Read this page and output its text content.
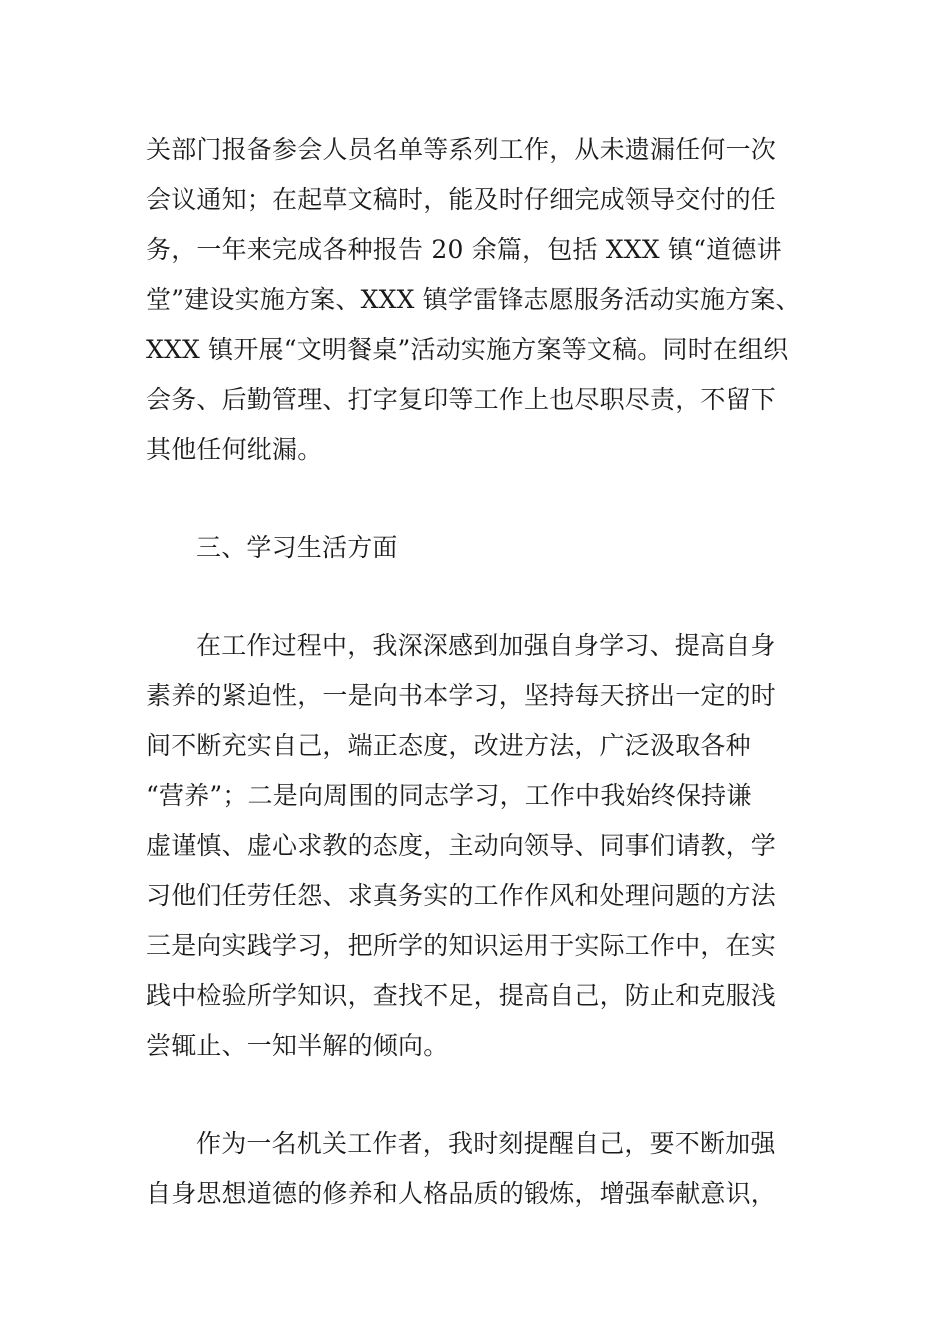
关部门报备参会人员名单等系列工作，从未遗漏任何一次
会议通知；在起草文稿时，能及时仔细完成领导交付的任
务，一年来完成各种报告 20 余篇，包括 XXX 镇“道德讲
堂”建设实施方案、XXX 镇学雷锋志愿服务活动实施方案、
XXX 镇开展“文明餐桌”活动实施方案等文稿。同时在组织
会务、后勤管理、打字复印等工作上也尽职尽责，不留下
其他任何纰漏。
三、学习生活方面
在工作过程中，我深深感到加强自身学习、提高自身
素养的紧迫性，一是向书本学习，坚持每天挤出一定的时
间不断充实自己，端正态度，改进方法，广泛汲取各种
“营养”；二是向周围的同志学习，工作中我始终保持谦
虚谨慎、虚心求教的态度，主动向领导、同事们请教，学
习他们任劳任怨、求真务实的工作作风和处理问题的方法
三是向实践学习，把所学的知识运用于实际工作中，在实
践中检验所学知识，查找不足，提高自己，防止和克服浅
尝辄止、一知半解的倾向。
作为一名机关工作者，我时刻提醒自己，要不断加强
自身思想道德的修养和人格品质的锻炼，增强奉献意识，
